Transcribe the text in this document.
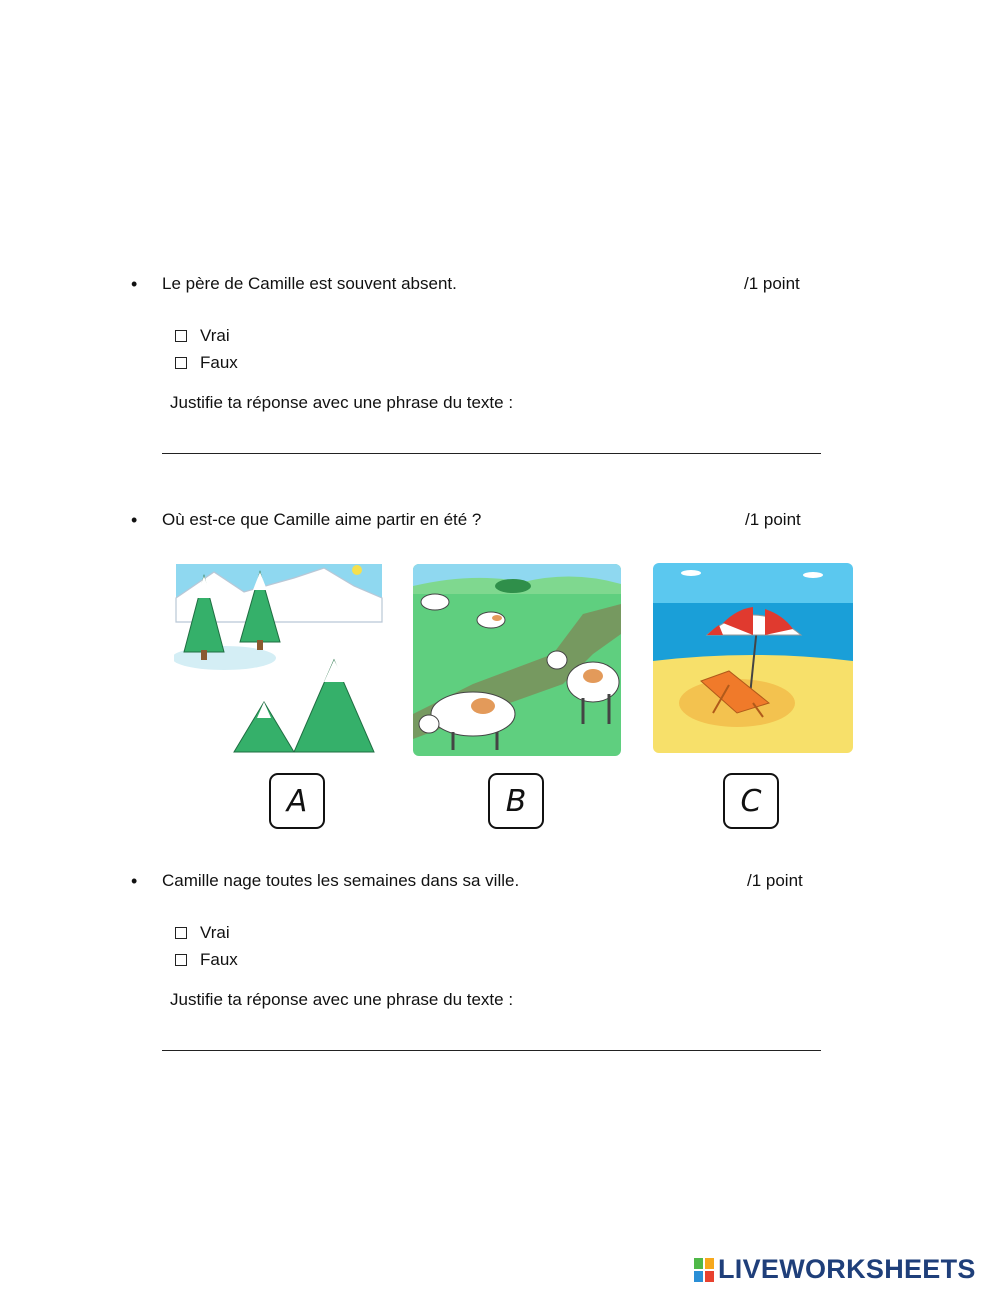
• Le père de Camille est souvent absent.	/1 point
Vrai
Faux
Justifie ta réponse avec une phrase du texte :
• Où est-ce que Camille aime partir en été ?	/1 point
A	B	C
• Camille nage toutes les semaines dans sa ville.	/1 point
Vrai
Faux
Justifie ta réponse avec une phrase du texte :
LIVEWORKSHEETS
